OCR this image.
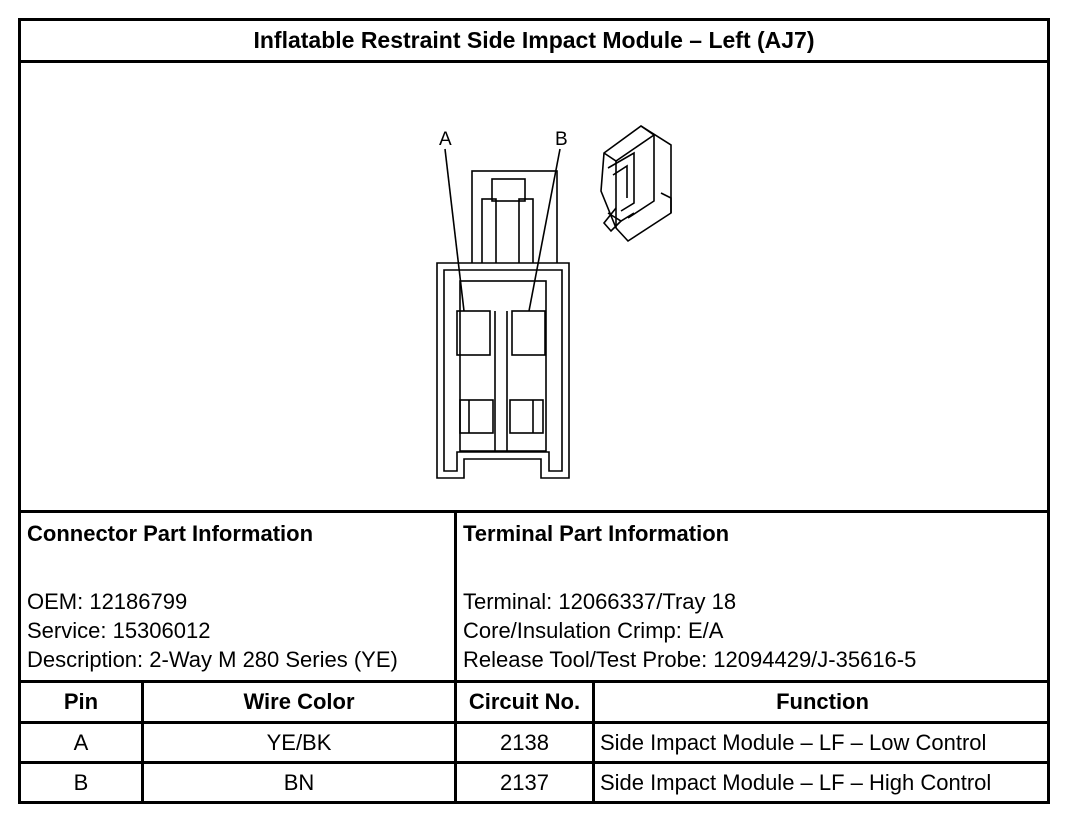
Inflatable Restraint Side Impact Module – Left (AJ7)
A	B
Connector Part Information
OEM: 12186799
Service: 15306012
Description: 2-Way M 280 Series (YE)
Terminal Part Information
Terminal: 12066337/Tray 18
Core/Insulation Crimp: E/A
Release Tool/Test Probe: 12094429/J-35616-5
Pin	Wire Color	Circuit No.	Function
A	YE/BK	2138	Side Impact Module – LF – Low Control
B	BN	2137	Side Impact Module – LF – High Control
